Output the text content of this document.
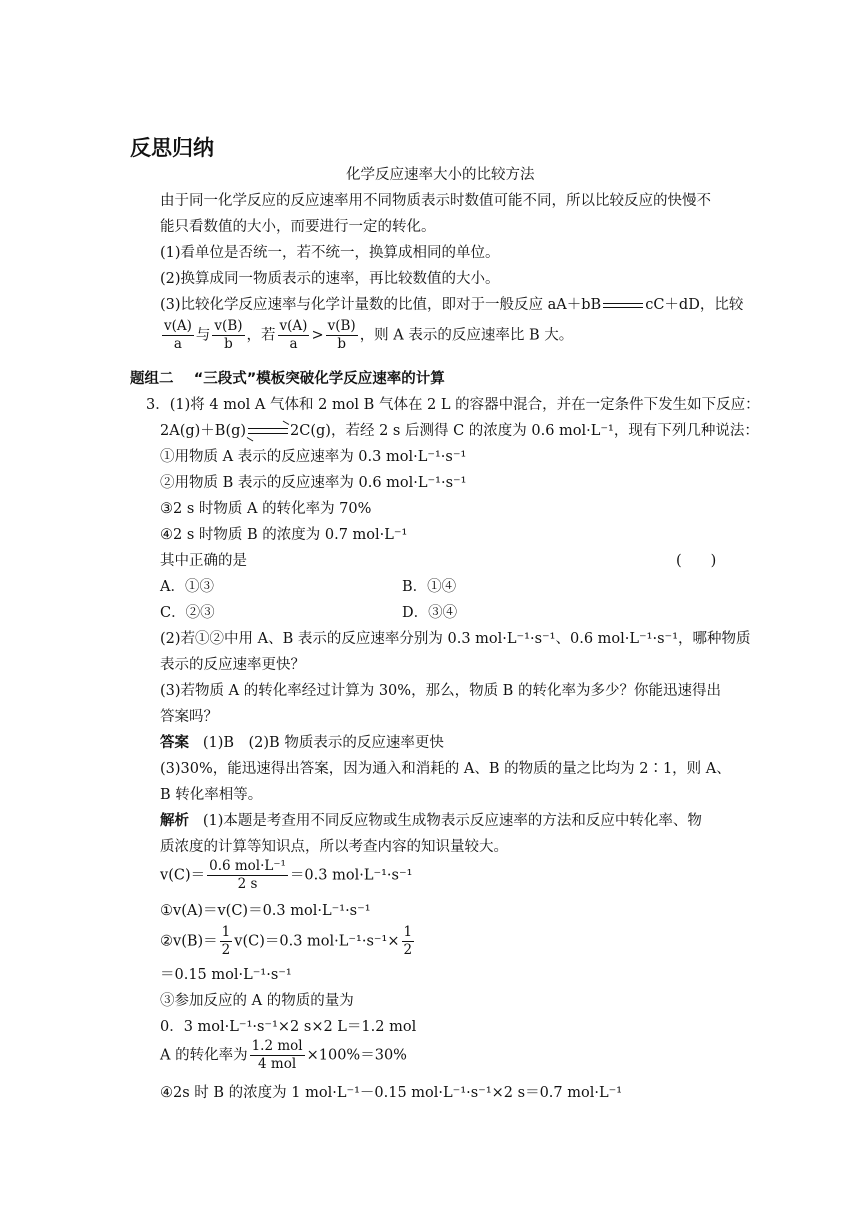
反思归纳
化学反应速率大小的比较方法
由于同一化学反应的反应速率用不同物质表示时数值可能不同，所以比较反应的快慢不
能只看数值的大小，而要进行一定的转化。
(1)看单位是否统一，若不统一，换算成相同的单位。
(2)换算成同一物质表示的速率，再比较数值的大小。
(3)比较化学反应速率与化学计量数的比值，即对于一般反应 aA＋bB	cC＋dD，比较
$\frac{v(A)}{a}$ 与 $\frac{v(B)}{b}$ ，若 $\frac{v(A)}{a} > \frac{v(B)}{b}$ ，则 A 表示的反应速率比 B 大。
题组二 “三段式”模板突破化学反应速率的计算
3．(1)将 4 mol A 气体和 2 mol B 气体在 2 L 的容器中混合，并在一定条件下发生如下反应：
2A(g)＋B(g)⇌2C(g)，若经 2 s 后测得 C 的浓度为 0.6 mol·L⁻¹，现有下列几种说法：
①用物质 A 表示的反应速率为 0.3 mol·L⁻¹·s⁻¹
②用物质 B 表示的反应速率为 0.6 mol·L⁻¹·s⁻¹
③2 s 时物质 A 的转化率为 70%
④2 s 时物质 B 的浓度为 0.7 mol·L⁻¹
其中正确的是	(　　)
A．①③	B．①④
C．②③	D．③④
(2)若①②中用 A、B 表示的反应速率分别为 0.3 mol·L⁻¹·s⁻¹、0.6 mol·L⁻¹·s⁻¹，哪种物质
表示的反应速率更快？
(3)若物质 A 的转化率经过计算为 30%，那么，物质 B 的转化率为多少？你能迅速得出
答案吗？
答案 (1)B　(2)B 物质表示的反应速率更快
(3)30%，能迅速得出答案，因为通入和消耗的 A、B 的物质的量之比均为 2∶1，则 A、
B 转化率相等。
解析 (1)本题是考查用不同反应物或生成物表示反应速率的方法和反应中转化率、物
质浓度的计算等知识点，所以考查内容的知识量较大。
$v(C)= \frac{\text{0.6 mol·L⁻¹}}{2 s} =0.3$ mol·L⁻¹·s⁻¹
①v(A)＝v(C)＝0.3 mol·L⁻¹·s⁻¹
②v(B)＝ $\frac{1}{2} v(C)=0.3$ $mol\cdot L^{-1}\cdot s^{-1}\times \frac{1}{2}$
＝0.15 mol·L⁻¹·s⁻¹
③参加反应的 A 的物质的量为
0．3 mol·L⁻¹·s⁻¹×2 s×2 L＝1.2 mol
A 的转化率为 $\frac{\text{1.2 mol}}{\text{4 mol}} \times 100\%=30\%$
④2s 时 B 的浓度为 1 mol·L⁻¹－0.15 mol·L⁻¹·s⁻¹×2 s＝0.7 mol·L⁻¹
